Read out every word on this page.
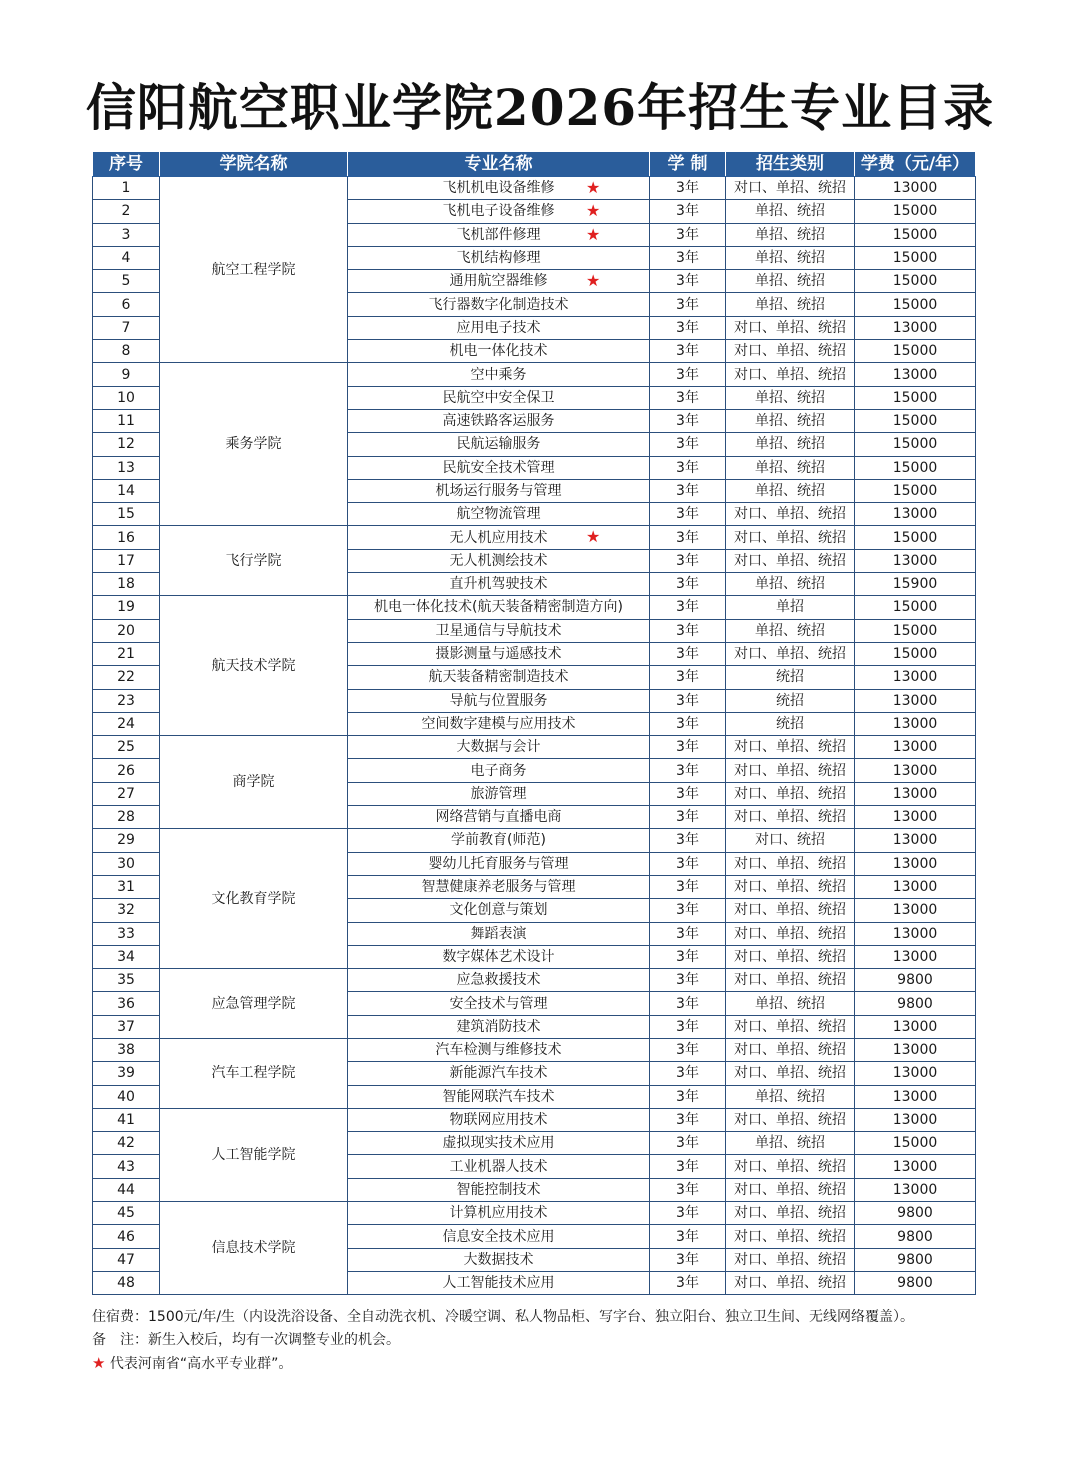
信阳航空职业学院2026年招生专业目录
序号	学院名称	专业名称	学 制	招生类别	学费（元/年）
1	航空工程学院	飞机机电设备维修 ★	3年	对口、单招、统招	13000
2		飞机电子设备维修 ★	3年	单招、统招	15000
3		飞机部件修理 ★	3年	单招、统招	15000
4		飞机结构修理	3年	单招、统招	15000
5		通用航空器维修 ★	3年	单招、统招	15000
6		飞行器数字化制造技术	3年	单招、统招	15000
7		应用电子技术	3年	对口、单招、统招	13000
8		机电一体化技术	3年	对口、单招、统招	15000
9	乘务学院	空中乘务	3年	对口、单招、统招	13000
10		民航空中安全保卫	3年	单招、统招	15000
11		高速铁路客运服务	3年	单招、统招	15000
12		民航运输服务	3年	单招、统招	15000
13		民航安全技术管理	3年	单招、统招	15000
14		机场运行服务与管理	3年	单招、统招	15000
15		航空物流管理	3年	对口、单招、统招	13000
16	飞行学院	无人机应用技术 ★	3年	对口、单招、统招	15000
17		无人机测绘技术	3年	对口、单招、统招	13000
18		直升机驾驶技术	3年	单招、统招	15900
19	航天技术学院	机电一体化技术(航天装备精密制造方向)	3年	单招	15000
20		卫星通信与导航技术	3年	单招、统招	15000
21		摄影测量与遥感技术	3年	对口、单招、统招	15000
22		航天装备精密制造技术	3年	统招	13000
23		导航与位置服务	3年	统招	13000
24		空间数字建模与应用技术	3年	统招	13000
25	商学院	大数据与会计	3年	对口、单招、统招	13000
26		电子商务	3年	对口、单招、统招	13000
27		旅游管理	3年	对口、单招、统招	13000
28		网络营销与直播电商	3年	对口、单招、统招	13000
29	文化教育学院	学前教育(师范)	3年	对口、统招	13000
30		婴幼儿托育服务与管理	3年	对口、单招、统招	13000
31		智慧健康养老服务与管理	3年	对口、单招、统招	13000
32		文化创意与策划	3年	对口、单招、统招	13000
33		舞蹈表演	3年	对口、单招、统招	13000
34		数字媒体艺术设计	3年	对口、单招、统招	13000
35	应急管理学院	应急救援技术	3年	对口、单招、统招	9800
36		安全技术与管理	3年	单招、统招	9800
37		建筑消防技术	3年	对口、单招、统招	13000
38	汽车工程学院	汽车检测与维修技术	3年	对口、单招、统招	13000
39		新能源汽车技术	3年	对口、单招、统招	13000
40		智能网联汽车技术	3年	单招、统招	13000
41	人工智能学院	物联网应用技术	3年	对口、单招、统招	13000
42		虚拟现实技术应用	3年	单招、统招	15000
43		工业机器人技术	3年	对口、单招、统招	13000
44		智能控制技术	3年	对口、单招、统招	13000
45	信息技术学院	计算机应用技术	3年	对口、单招、统招	9800
46		信息安全技术应用	3年	对口、单招、统招	9800
47		大数据技术	3年	对口、单招、统招	9800
48		人工智能技术应用	3年	对口、单招、统招	9800
住宿费：1500元/年/生（内设洗浴设备、全自动洗衣机、冷暖空调、私人物品柜、写字台、独立阳台、独立卫生间、无线网络覆盖）。
备　注：新生入校后，均有一次调整专业的机会。
★ 代表河南省“高水平专业群”。
